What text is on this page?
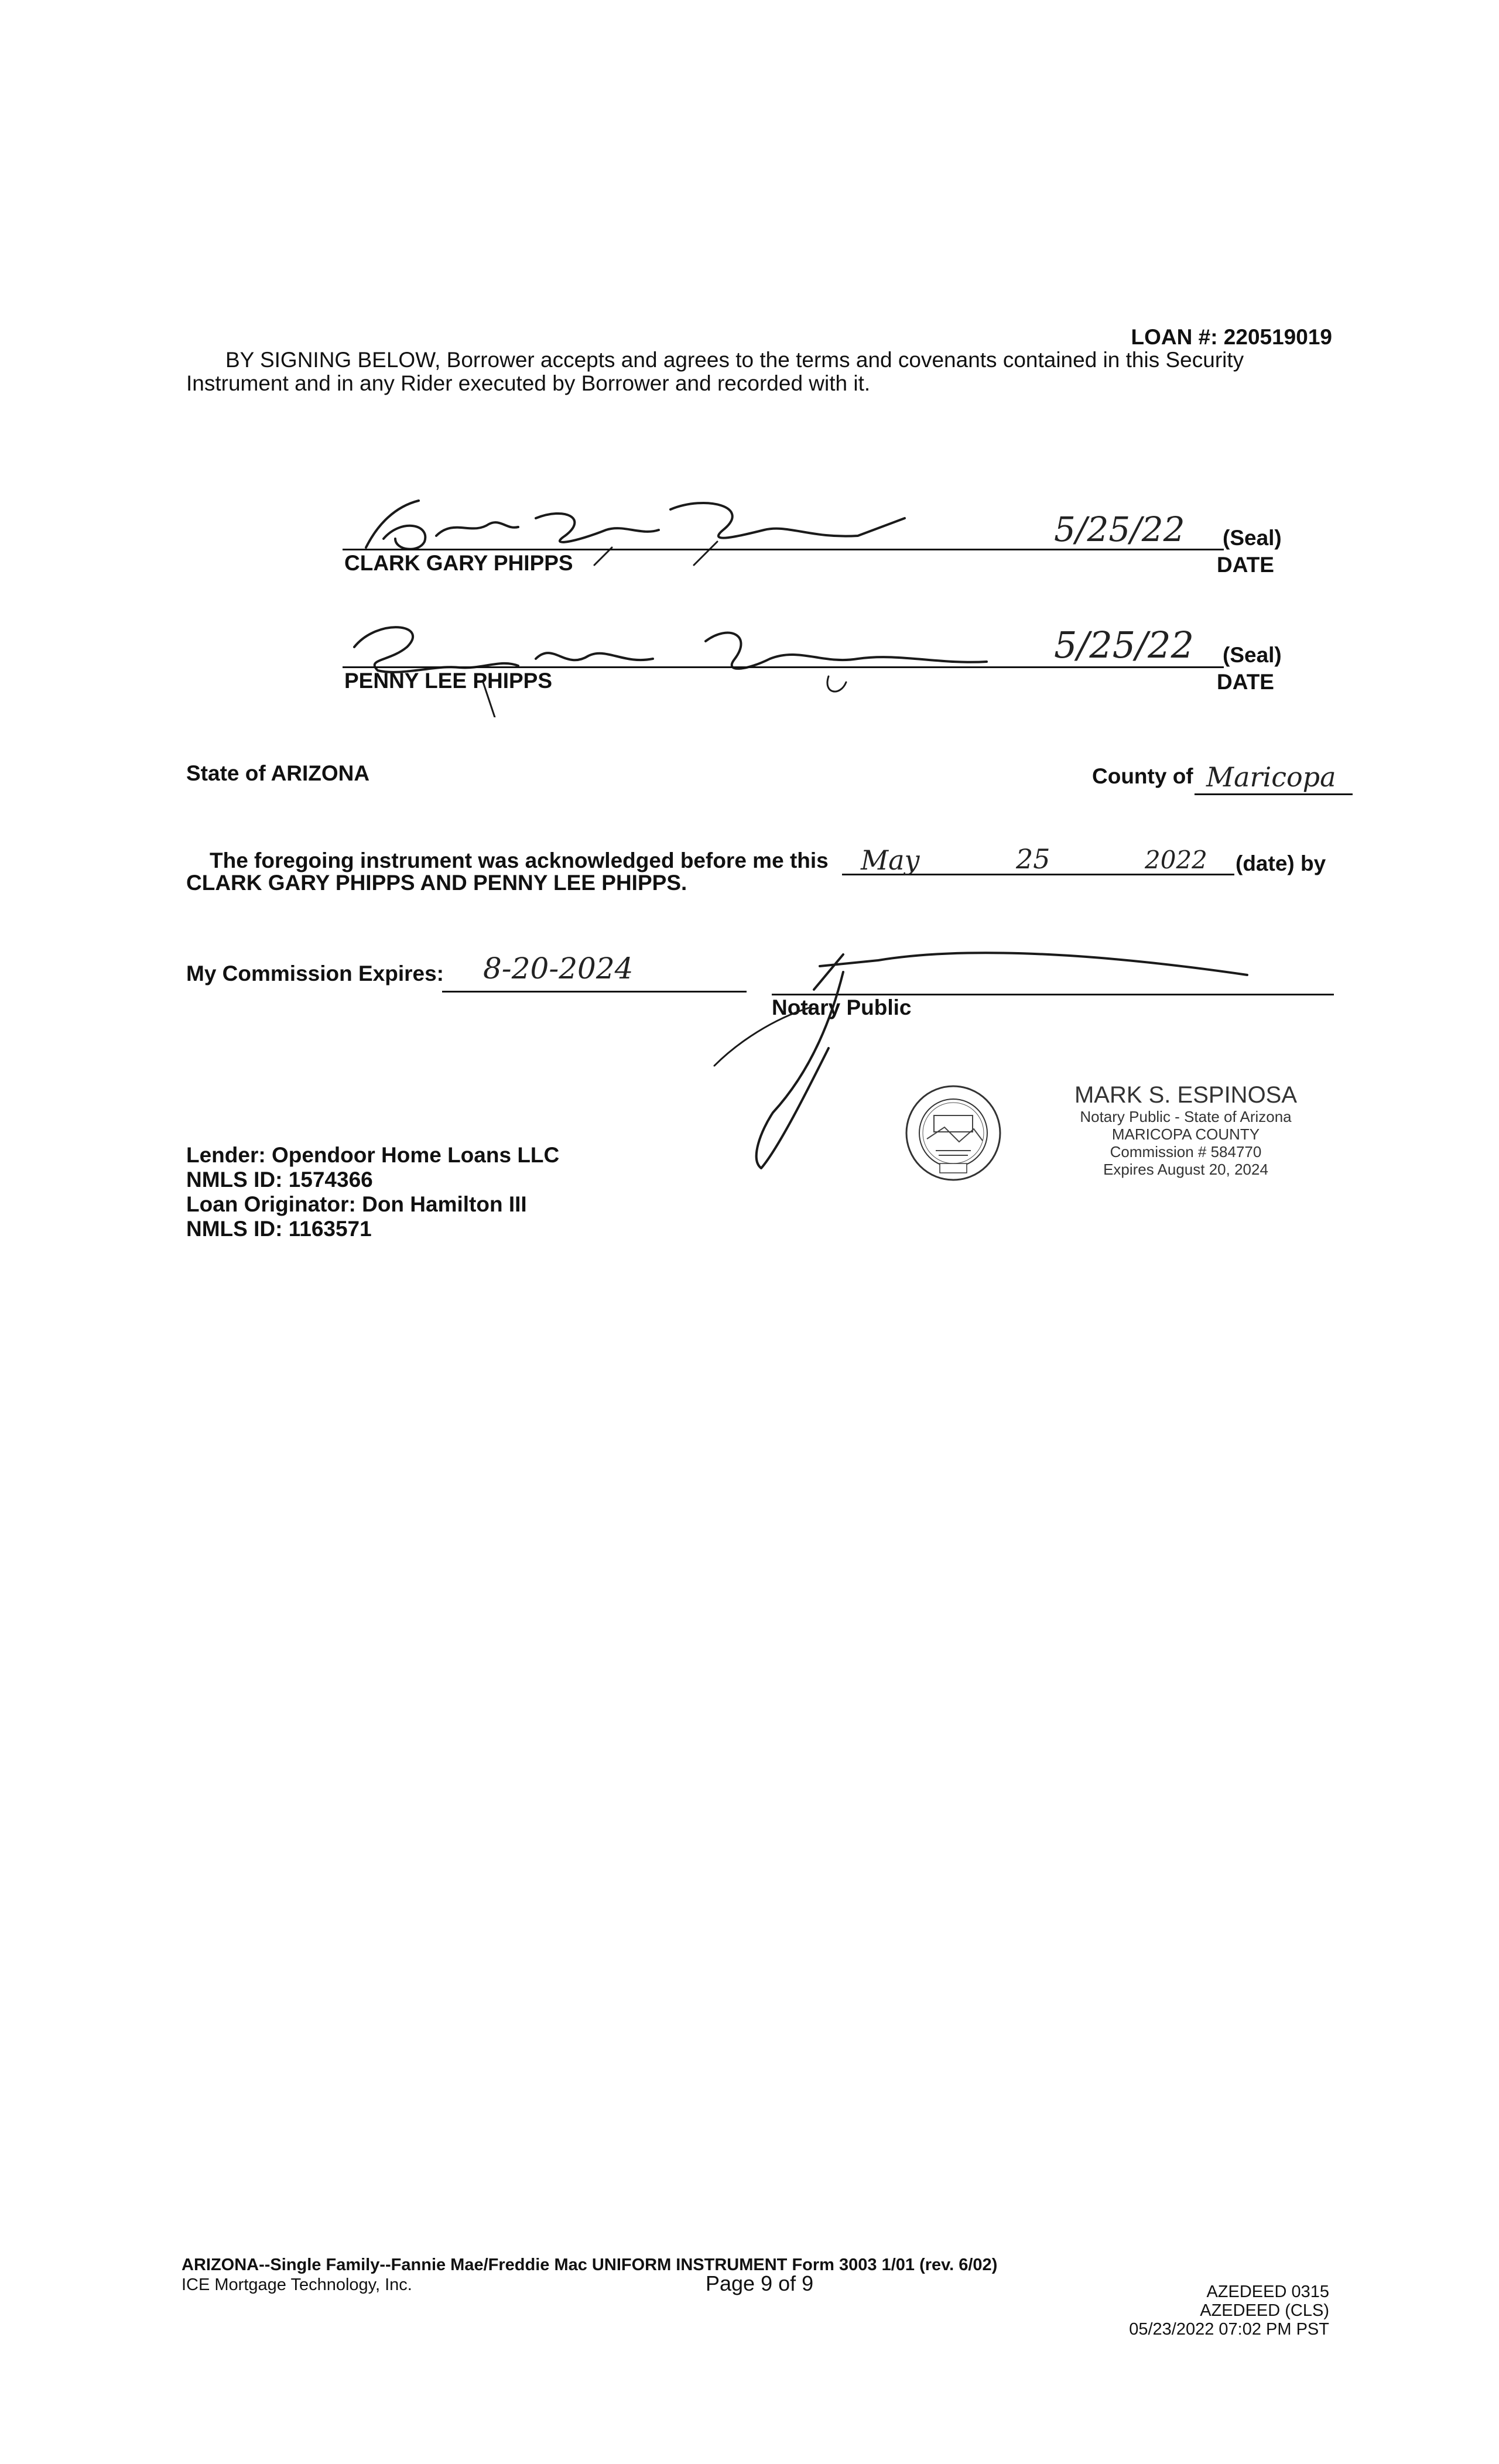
LOAN #: 220519019
BY SIGNING BELOW, Borrower accepts and agrees to the terms and covenants contained in this Security
Instrument and in any Rider executed by Borrower and recorded with it.
CLARK GARY PHIPPS
5/25/22 (Seal)
DATE
PENNY LEE PHIPPS
5/25/22 (Seal)
DATE
State of ARIZONA	County of Maricopa
The foregoing instrument was acknowledged before me this May	25	2022 (date) by
CLARK GARY PHIPPS AND PENNY LEE PHIPPS.
My Commission Expires: 8-20-2024
Notary Public
MARK S. ESPINOSA
Notary Public - State of Arizona
MARICOPA COUNTY
Commission # 584770
Expires August 20, 2024
Lender: Opendoor Home Loans LLC
NMLS ID: 1574366
Loan Originator: Don Hamilton III
NMLS ID: 1163571
ARIZONA--Single Family--Fannie Mae/Freddie Mac UNIFORM INSTRUMENT Form 3003 1/01 (rev. 6/02)
ICE Mortgage Technology, Inc.	Page 9 of 9	AZEDEED 0315
AZEDEED (CLS)
05/23/2022 07:02 PM PST
